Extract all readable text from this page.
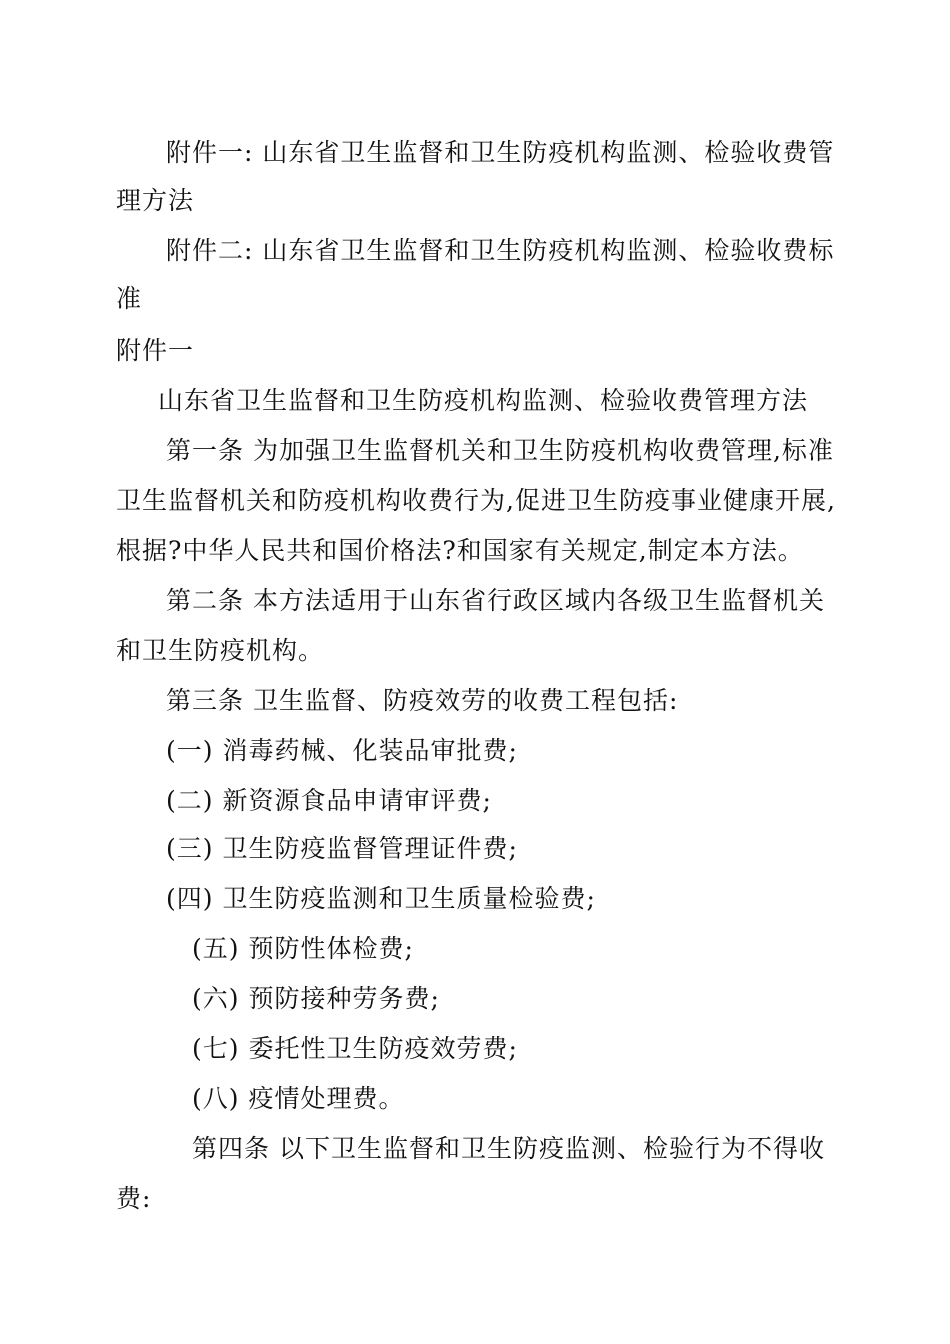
附件一: 山东省卫生监督和卫生防疫机构监测、检验收费管
理方法
附件二: 山东省卫生监督和卫生防疫机构监测、检验收费标
准
附件一
山东省卫生监督和卫生防疫机构监测、检验收费管理方法
第一条 为加强卫生监督机关和卫生防疫机构收费管理,标准
卫生监督机关和防疫机构收费行为,促进卫生防疫事业健康开展,
根据?中华人民共和国价格法?和国家有关规定,制定本方法。
第二条 本方法适用于山东省行政区域内各级卫生监督机关
和卫生防疫机构。
第三条 卫生监督、防疫效劳的收费工程包括:
(一) 消毒药械、化装品审批费;
(二) 新资源食品申请审评费;
(三) 卫生防疫监督管理证件费;
(四) 卫生防疫监测和卫生质量检验费;
(五) 预防性体检费;
(六) 预防接种劳务费;
(七) 委托性卫生防疫效劳费;
(八) 疫情处理费。
第四条 以下卫生监督和卫生防疫监测、检验行为不得收
费:
